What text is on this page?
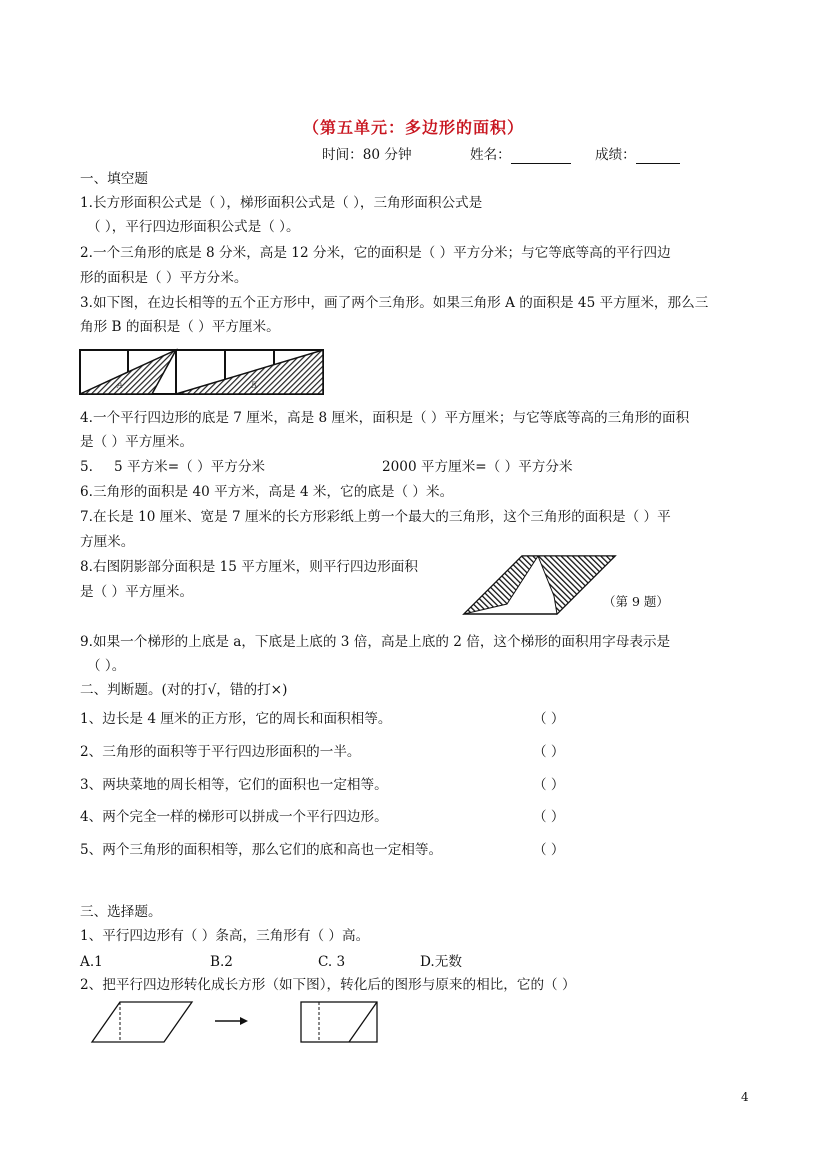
（第五单元：多边形的面积）
时间：80 分钟	姓名：	成绩：
一、填空题
1.长方形面积公式是（ ），梯形面积公式是（ ），三角形面积公式是
（ ），平行四边形面积公式是（ ）。
2.一个三角形的底是 8 分米，高是 12 分米，它的面积是（ ）平方分米；与它等底等高的平行四边
形的面积是（ ）平方分米。
3.如下图，在边长相等的五个正方形中，画了两个三角形。如果三角形 A 的面积是 45 平方厘米，那么三
角形 B 的面积是（ ）平方厘米。
A	B
4.一个平行四边形的底是 7 厘米，高是 8 厘米，面积是（ ）平方厘米；与它等底等高的三角形的面积
是（ ）平方厘米。
5. 5 平方米=（ ）平方分米	2000 平方厘米=（ ）平方分米
6.三角形的面积是 40 平方米，高是 4 米，它的底是（ ）米。
7.在长是 10 厘米、宽是 7 厘米的长方形彩纸上剪一个最大的三角形，这个三角形的面积是（ ）平
方厘米。
8.右图阴影部分面积是 15 平方厘米，则平行四边形面积
是（ ）平方厘米。
（第 9 题）
9.如果一个梯形的上底是 a，下底是上底的 3 倍，高是上底的 2 倍，这个梯形的面积用字母表示是
（ ）。
二、判断题。(对的打√，错的打×)
1、边长是 4 厘米的正方形，它的周长和面积相等。	（ ）
2、三角形的面积等于平行四边形面积的一半。	（ ）
3、两块菜地的周长相等，它们的面积也一定相等。	（ ）
4、两个完全一样的梯形可以拼成一个平行四边形。	（ ）
5、两个三角形的面积相等，那么它们的底和高也一定相等。	（ ）
三、选择题。
1、平行四边形有（ ）条高，三角形有（ ）高。
A.1	B.2	C. 3	D.无数
2、把平行四边形转化成长方形（如下图），转化后的图形与原来的相比，它的（ ）
4
